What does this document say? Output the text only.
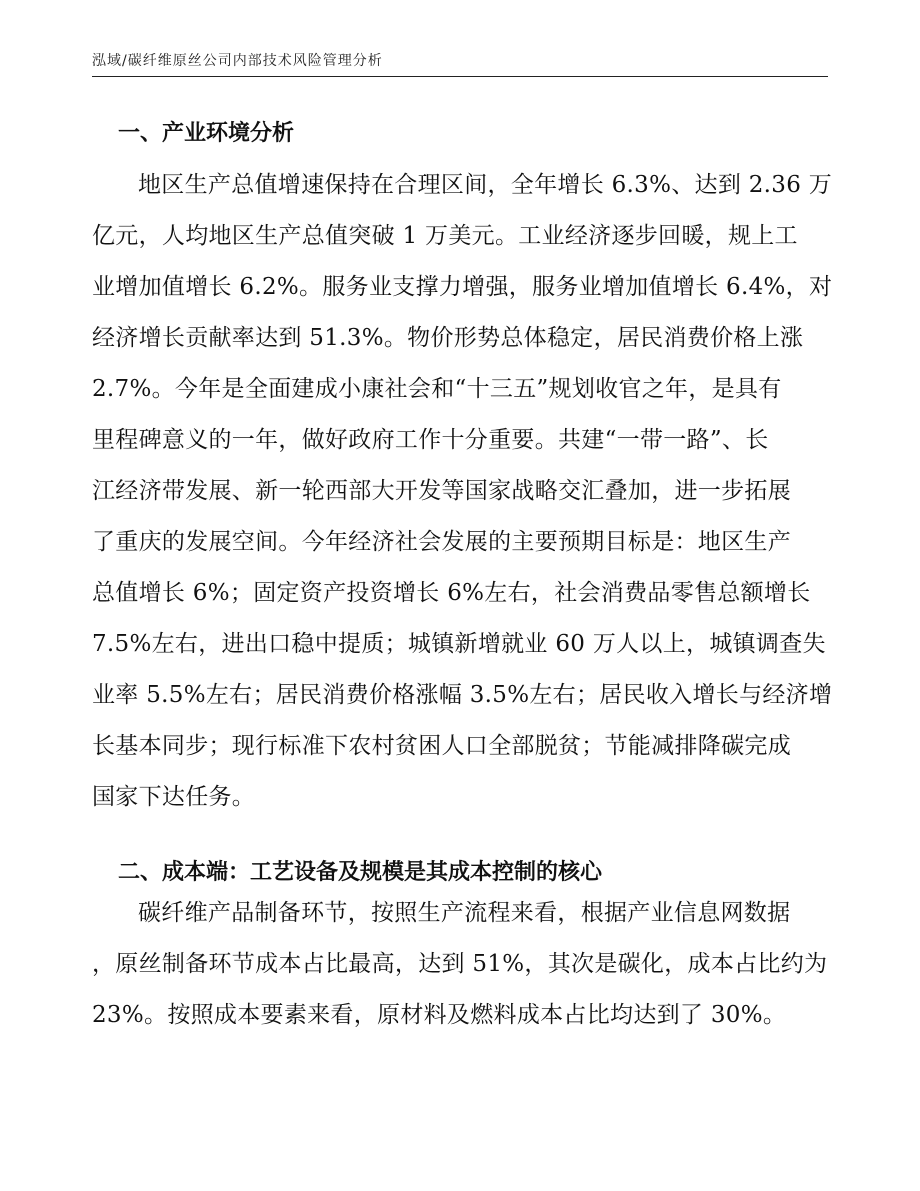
泓域/碳纤维原丝公司内部技术风险管理分析
一、产业环境分析

地区生产总值增速保持在合理区间，全年增长 6.3%、达到 2.36 万
亿元，人均地区生产总值突破 1 万美元。工业经济逐步回暖，规上工
业增加值增长 6.2%。服务业支撑力增强，服务业增加值增长 6.4%，对
经济增长贡献率达到 51.3%。物价形势总体稳定，居民消费价格上涨
2.7%。今年是全面建成小康社会和“十三五”规划收官之年，是具有
里程碑意义的一年，做好政府工作十分重要。共建“一带一路”、长
江经济带发展、新一轮西部大开发等国家战略交汇叠加，进一步拓展
了重庆的发展空间。今年经济社会发展的主要预期目标是：地区生产
总值增长 6%；固定资产投资增长 6%左右，社会消费品零售总额增长
7.5%左右，进出口稳中提质；城镇新增就业 60 万人以上，城镇调查失
业率 5.5%左右；居民消费价格涨幅 3.5%左右；居民收入增长与经济增
长基本同步；现行标准下农村贫困人口全部脱贫；节能减排降碳完成
国家下达任务。

二、成本端：工艺设备及规模是其成本控制的核心

碳纤维产品制备环节，按照生产流程来看，根据产业信息网数据
，原丝制备环节成本占比最高，达到 51%，其次是碳化，成本占比约为
23%。按照成本要素来看，原材料及燃料成本占比均达到了 30%。
